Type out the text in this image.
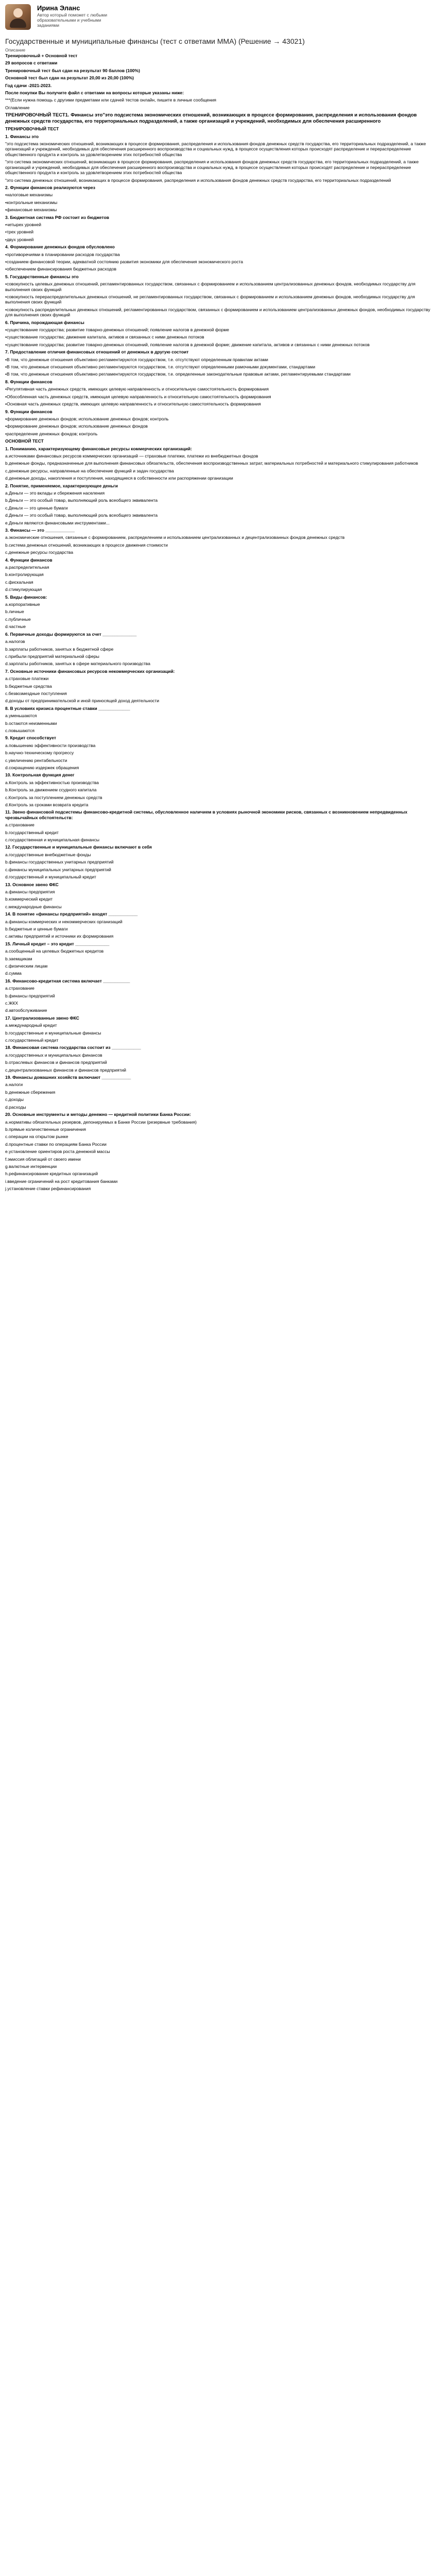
Ирина Эланс
Автор который поможет с любыми образовательными и учебными заданиями
Государственные и муниципальные финансы (тест с ответами ММА) (Решение → 43021)
Описание

Тренировочный + Основной тест

29 вопросов с ответами

Тренировочный тест был сдан на результат 90 баллов (100%)

Основной тест был сдан на результат 20,00 из 20,00 (100%)

Год сдачи -2021-2023.

После покупки Вы получите файл с ответами на вопросы которые указаны ниже:

***(Если нужна помощь с другими предметами или сдачей тестов онлайн, пишите в личные сообщения

Оглавление

ТРЕНИРОВОЧНЫЙ ТЕСТ1. Финансы это"это подсистема экономических отношений, возникающих в процессе формирования, распределения и использования фондов денежных средств государства, его территориальных подразделений, а также организаций и учреждений, необходимых для обеспечения расширенного

ТРЕНИРОВОЧНЫЙ ТЕСТ

1. Финансы это

"это подсистема экономических отношений, возникающих в процессе формирования, распределения и использования фондов денежных средств государства, его территориальных подразделений, а также организаций и учреждений, необходимых для обеспечения расширенного воспроизводства и социальных нужд, в процессе осуществления которых происходят распределение и перераспределение общественного продукта и контроль за удовлетворением этих потребностей общества

"это система экономических отношений, возникающих в процессе формирования, распределения и использования фондов денежных средств государства, его территориальных подразделений, а также организаций и учреждений, необходимых для обеспечения расширенного воспроизводства и социальных нужд, в процессе осуществления которых происходят распределение и перераспределение общественного продукта и контроль за удовлетворением этих потребностей общества

"это система денежных отношений, возникающих в процессе формирования, распределения и использования фондов денежных средств государства, его территориальных подразделений

2. Функции финансов реализуются через

•налоговые механизмы

•контрольные механизмы

•финансовые механизмы

3. Бюджетная система РФ состоит из бюджетов

•четырех уровней

•трех уровней

•двух уровней

4. Формирование денежных фондов обусловлено

•противоречиями в планировании расходов государства

•созданием финансовой теории, адекватной состоянию развития экономики для обеспечения экономического роста

•обеспечением финансирования бюджетных расходов

5. Государственные финансы это

•совокупность целевых денежных отношений, регламентированных государством, связанных с формированием и использованием централизованных денежных фондов, необходимых государству для выполнения своих функций

•совокупность перераспределительных денежных отношений, не регламентированных государством, связанных с формированием и использованием денежных фондов, необходимых государству для выполнения своих функций

•совокупность распределительных денежных отношений, регламентированных государством, связанных с формированием и использованием централизованных денежных фондов, необходимых государству для выполнения своих функций

6. Причина, порождающая финансы

•существование государства; развитие товарно-денежных отношений; появление налогов в денежной форме

•существование государства; движение капитала, активов и связанных с ними денежных потоков

•существование государства; развитие товарно-денежных отношений, появление налогов в денежной форме; движение капитала, активов и связанных с ними денежных потоков

7. Предоставление отличия финансовых отношений от денежных в другую состоит

•В том, что денежные отношения объективно регламентируются государством, т.е. отсутствуют определенным правилам актами

•В том, что денежные отношения объективно регламентируются государством, т.е. отсутствуют определенными рамочными документами, стандартами

•В том, что денежные отношения объективно регламентируются государством, т.е. определенные законодательные правовые актами, регламентируемыми стандартами

8. Функции финансов

•Регулятивная часть денежных средств, имеющих целевую направленность и относительную самостоятельность формирования

•Обособленная часть денежных средств, имеющая целевую направленность и относительную самостоятельность формирования

•Основная часть денежных средств, имеющих целевую направленность и относительную самостоятельность формирования

9. Функции финансов

•формирование денежных фондов; использование денежных фондов; контроль

•формирование денежных фондов; использование денежных фондов

•распределение денежных фондов; контроль

ОСНОВНОЙ ТЕСТ

1. Пониманию, характеризующему финансовые ресурсы коммерческих организаций:

a.источниками финансовых ресурсов коммерческих организаций — страховые платежи, платежи из внебюджетных фондов

b.денежные фонды, предназначенные для выполнения финансовых обязательств, обеспечения воспроизводственных затрат, материальных потребностей и материального стимулирования работников

c.денежные ресурсы, направленные на обеспечение функций и задач государства

d.денежные доходы, накопления и поступления, находящиеся в собственности или распоряжении организации

2. Понятие, применяемое, характеризующее деньги

a.Деньги — это вклады и сбережения населения

b.Деньги — это особый товар, выполняющий роль всеобщего эквивалента

c.Деньги — это ценные бумаги

d.Деньги — это особый товар, выполняющий роль всеобщего эквивалента

e.Деньги являются финансовыми инструментами...

3. Финансы — это ____________

a.экономические отношения, связанные с формированием, распределением и использованием централизованных и децентрализованных фондов денежных средств

b.система денежных отношений, возникающих в процессе движения стоимости

c.денежные ресурсы государства

4. Функции финансов

a.распределительная

b.контролирующая

c.фискальная

d.стимулирующая

5. Виды финансов:

a.корпоративные

b.личные

c.публичные

d.частные

6. Первичные доходы формируются за счет ______________

a.налогов

b.зарплаты работников, занятых в бюджетной сфере

c.прибыли предприятий материальной сферы

d.зарплаты работников, занятых в сфере материального производства

7. Основные источники финансовых ресурсов некоммерческих организаций:

a.страховые платежи

b.бюджетные средства

c.безвозмездные поступления

d.доходы от предпринимательской и иной приносящей доход деятельности

8. В условиях кризиса процентные ставки _____________

a.уменьшаются

b.остаются неизменными

c.повышаются

9. Кредит способствует

a.повышению эффективности производства

b.научно-техническому прогрессу

c.увеличению рентабельности

d.сокращению издержек обращения

10. Контрольная функция денег

a.Контроль за эффективностью производства

b.Контроль за движением ссудного капитала

c.Контроль за поступлением денежных средств

d.Контроль за сроками возврата кредита

11. Звено финансовой подсистемы финансово-кредитной системы, обусловленное наличием в условиях рыночной экономики рисков, связанных с возникновением непредвиденных чрезвычайных обстоятельств:

a.страхование

b.государственный кредит

c.государственная и муниципальная финансы

12. Государственные и муниципальные финансы включают в себя

a.государственные внебюджетные фонды

b.финансы государственных унитарных предприятий

c.финансы муниципальных унитарных предприятий

d.государственный и муниципальный кредит

13. Основное звено ФКС

a.финансы предприятия

b.коммерческий кредит

c.международные финансы

14. В понятие «финансы предприятий» входят ____________

a.финансы коммерческих и некоммерческих организаций

b.бюджетные и ценные бумаги

c.активы предприятий и источники их формирования

15. Личный кредит – это кредит ______________

a.сообщенный на целевых бюджетных кредитов

b.заемщикам

c.физическим лицам

d.сумма

16. Финансово-кредитная система включает ___________

a.страхование

b.финансы предприятий

c.ЖКХ

d.автообслуживание

17. Централизованные звено ФКС

a.международный кредит

b.государственные и муниципальные финансы

c.государственный кредит

18. Финансовая система государства состоит из ____________

a.государственных и муниципальных финансов

b.отраслевых финансов и финансов предприятий

c.децентрализованных финансов и финансов предприятий

19. Финансы домашних хозяйств включают ____________

a.налоги

b.денежные сбережения

c.доходы

d.расходы

20. Основные инструменты и методы денежно — кредитной политики Банка России:

a.нормативы обязательных резервов, депонируемых в Банке России (резервные требования)

b.прямые количественные ограничения

c.операции на открытом рынке

d.процентные ставки по операциям Банка России

e.установление ориентиров роста денежной массы

f.эмиссия облигаций от своего имени

g.валютные интервенции

h.рефинансирование кредитных организаций

i.введение ограничений на рост кредитования банками

j.установление ставки рефинансирования
